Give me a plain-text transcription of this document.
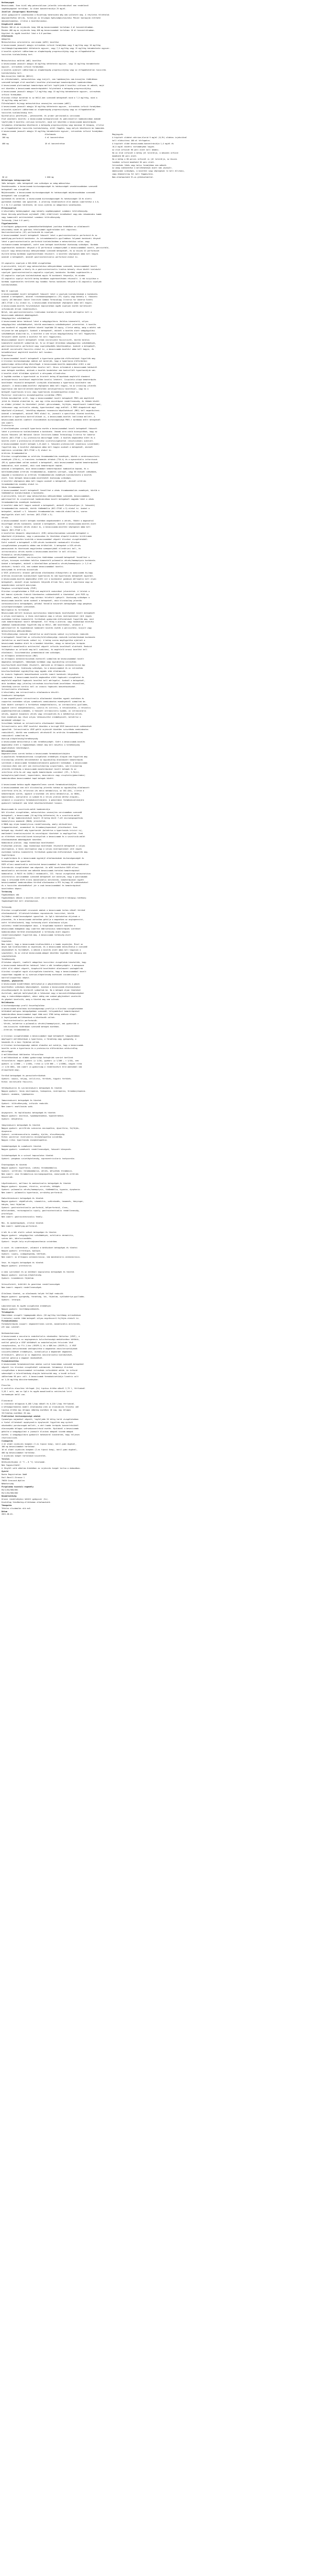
Hatóanyagok

Bevacizumab. Ezen kívül még potenciálisan jelentős interakcióval nem rendelkező

segédanyagokat tartalmaz. Az oldat koncentrációja 25 mg/ml.

Javallat (Sárgarúgasi Bizottság)

Jelen gyógyszerre vonatkozóan a Bizottság határozata még nem született meg. A részletes feltételek

megismeréséhez kérjük, forduljon az Országos Egészségbiztosítási Pénzár honlapján elérhető

dokumentumokhoz, illetve a kezelőorvoshoz.

Kiegészítő adatok

Minden 100 ml-es injekciós üveg 100 mg bevacizumabot tartalmaz 4 ml koncentrátumban.

Minden 400 mg-os injekciós üveg 400 mg bevacizumabot tartalmaz 16 ml koncentrátumban.

Hígítást és egyéb kezelést lásd a 6.6 pontban.

Alkalmazás

Adagolás

Metasztatikus colorectalis carcinoma (mCRC) kezelése

A bevacizumab javasolt adagja intravénás infúzió formájában vagy 5 mg/ttkg vagy 10 mg/ttkg

testtömegkilogrammonként kéthetente egyszer, vagy 7,5 mg/ttkg vagy 15 mg/ttkg háromhetente egyszer.

A kezelés ajánlott időtartama az alapbetegség progressziójáig vagy az elfogadhatatlan

toxicitás kialakulásáig tart.

Metasztatikus emlőrák (mBC) kezelése

A bevacizumab javasolt adagja 10 mg/ttkg kéthetente egyszer, vagy 15 mg/ttkg háromhetente

egyszer, intravénás infúzió formájában.

A kezelés ajánlott időtartama az alapbetegség progressziójáig vagy az elfogadhatatlan toxicitás

kialakulásáig tart.

Nem-kissejtes tüdőrák (NSCLC)

Az előrehaladott, metasztatikus vagy kiújult, nem laphámsejtes nem-kissejtes tüdőrákban

szenvedő betegek első vonalbeli kezelése platinaalapú kemoterápiával kombinációban.

A bevacizumab platinaalapú kemoterápia mellett legfeljebb 6 kezelési cikluson át adható, majd

ezt követően a bevacizumab monoterápiaként folytatható a betegség progressziójáig.

A bevacizumab javasolt adagja 7,5 mg/ttkg vagy 15 mg/ttkg háromhetente egyszer, intravénás

infúzió formájában.

Klinikai előnyt mutattak ki az NSCLC-ben szenvedő betegeknél mind a 7,5 mg/ttkg, mind a

15 mg/ttkg adag mellett.

Előrehaladott és/vagy metasztatikus vesesejtes carcinoma (mRCC)

A bevacizumab javasolt adagja 10 mg/ttkg kéthetente egyszer, intravénás infúzió formájában.

A kezelés ajánlott időtartama az alapbetegség progressziójáig vagy az elfogadhatatlan

toxicitás kialakulásáig tart.

Epithelialis petefészek-, petevezeték- és primer peritonealis carcinoma

Első vonalbeli kezelés: a bevacizumab karboplatinnal és paklitaxellel kombinációban adandó

legfeljebb 6 kezelési cikluson keresztül, majd ezt követően a bevacizumab monoterápiás

folyamatos alkalmazása következik a betegség progressziójáig vagy maximum 15 hónapig, illetve

az elfogadhatatlan toxicitás kialakulásáig, attól függően, hogy melyik következik be hamarabb.

A bevacizumab javasolt adagja 15 mg/ttkg háromhetente egyszer, intravénás infúzió formájában.

Adag	Alkalmazás	Megjegyzés
100 mg	4 ml koncentrátum	A hígított oldatot nátrium-klorid 9 mg/ml (0,9%) oldatos injekcióval
		kell elkészíteni 100 ml térfogatra.
400 mg	16 ml koncentrátum	A hígított oldat bevacizumab-koncentrációja 1,4 mg/ml és
		16,5 mg/ml közötti tartományban legyen.
		Az első infúziót 90 perc alatt kell beadni.
		Ha az első infúziót a beteg jól tolerálja, a második infúzió
		beadható 60 perc alatt.
		Ha a beteg a 60 perces infúziót is jól tolerálja, az összes
		további infúzió beadható 30 perc alatt.
		Intravénás lökés vagy bolus formájában nem adható.
		Az adag csökkentése a mellékhatások miatt nem javasolt.
		Amennyiben szükséges, a kezelést vagy véglegesen le kell állítani,
		vagy átmenetileg fel kell függeszteni.
30 ml	1 000 mg	Nem alkalmazható 5%-os glükózoldattal.
Különleges betegcsoportok

Idős betegek: idős betegeknél nem szükséges az adag módosítása.

Vesekárosodás: a bevacizumab biztonságosságát és hatásosságát vesekárosodásban szenvedő

betegeknél nem vizsgálták.

Májkárosodás: a bevacizumab biztonságosságát és hatásosságát májkárosodásban szenvedő

betegeknél nem vizsgálták.

Gyermekek és serdülők: a bevacizumab biztonságosságát és hatásosságát 18 év alatti

gyermekek esetében nem igazolták. A jelenleg rendelkezésre álló adatok ismertetése a 4.8,

5.1 és 5.2 pontban található, de nincs ajánlás az adagolásra vonatkozóan.

Ellenjavallat

A készítmény hatóanyagával vagy bármely segédanyagával szembeni túlérzékenység.

Kínai hörcsög petefészek sejtekből (CHO) előállított termékekkel vagy más rekombináns humán

vagy humanizált antitestekkel szembeni túlérzékenység.

Terhesség (lásd 4.6 pont).

Figyelmeztetés

A biológiai gyógyszerek nyomonkövethetőségének javítása érdekében az alkalmazott

készítmény nevét és gyártási tételszámát egyértelműen kell rögzíteni.

Gastrointestinalis (GI) perforációk és sipolyok

A bevacizumabbal kezelt betegeknél fokozott lehet a gastrointestinalis perforáció és az

epehólyag-perforáció kockázata. Az intraabdominalis gyulladásos folyamat kockázati tényező

lehet a gastrointestinalis perforáció kialakulásában a metasztatikus colon- vagy

rectumcarcinomás betegeknél, ezért ezen betegek kezelésekor óvatosság szükséges. Korábbi

sugárkezelés kockázati tényező a GI perforáció szempontjából a bevacizumabbal kezelt, perzisztáló,

kiújult vagy metasztatikus méhnyakrákban szenvedő betegeknél, és az összes GI perforációt

észlelő beteg korábban sugárkezelésben részesült. A kezelést véglegesen abba kell hagyni

azoknál a betegeknél, akiknél gastrointestinalis perforáció alakul ki.

GI-vaginalis sipolyok a GOG-0240 vizsgálatban

A perzisztáló, kiújult vagy metasztatikus méhnyakrákban szenvedő, bevacizumabbal kezelt

betegeknél nagyobb a hüvely és a gastrointestinalis traktus bármely része között kialakuló

sipolyok (gastrointestinalis-vaginalis sipolyok) kockázata. Korábbi sugárkezelés a

GI-vaginalis sipolyok kialakulásának egyik fő kockázati tényezője, és minden

GI-vaginalis sipolyt észlelő beteg korábban sugárkezelésben részesült. A rák kiújulása a

korábbi sugárkezelés területén egy további fontos kockázati tényező a GI-vaginalis sipolyok

kialakulásában.

Nem GI sipolyok

A bevacizumabbal kezelt betegeknél fokozott lehet a sipolyok kialakulásának a kockázata.

Azoknál a betegeknél, akiknél tracheooesophagealis (TE) sipoly vagy bármely 4. fokozatú

sipoly (US National Cancer Institute Common Terminology Criteria for Adverse Events

[NCI-CTCAE v.3]) alakul ki, a bevacizumab alkalmazását véglegesen abba kell hagyni.

A bevacizumab-kezelés folytatásával kapcsolatban egyéb sipolyok esetén korlátozott

információk állnak rendelkezésre.

Belső, nem gastrointestinalis traktusban kialakuló sipoly esetén mérlegelni kell a

bevacizumab adásának abbahagyását.

Sebgyógyulási szövődmények

A bevacizumab káros hatással lehet a sebgyógyulásra. Halálos kimenetelű, súlyos

sebgyógyulási szövődményeket, köztük anastomosis-szövődményeket jelentettek. A kezelés

nem kezdhető el nagyobb műtétet követő legalább 28 napig, illetve addig, amíg a műtéti seb

teljesen be nem gyógyult. Azoknál a betegeknél, akiknél a kezelés alatt sebgyógyulási

szövődmények alakultak ki, a kezelést a seb teljes begyógyulásáig fel kell függeszteni.

Tervezett műtét esetén a kezelést fel kell függeszteni.

Bevacizumabbal kezelt betegeknél ritkán necrotizáló fasciitisről, köztük halálos

kimenetelű esetekről számoltak be. Ez az állapot általában sebgyógyulási szövődmények,

gastrointestinalis perforáció vagy sipolyképződés következménye. Azoknál a betegeknél,

akiknél necrotizáló fasciitis alakul ki, a bevacizumab-kezelést abba kell hagyni, és

haladéktalanul megfelelő kezelést kell kezdeni.

Hypertonia

A bevacizumabbal kezelt betegeknél a hypertonia gyakoribb előfordulását figyelték meg.

A klinikai biztonságossági adatok azt mutatják, hogy a hypertonia előfordulási

gyakorisága valószínűleg dózisfüggő. A bevacizumab-kezelés megkezdése előtt a már

fennálló hypertoniát megfelelően kezelni kell. Nincs információ a bevacizumab hatásáról

azon betegek esetében, akiknek a kezelés kezdetekor nem kontrollált hypertoniájuk van.

A kezelés alatt általában ajánlott a vérnyomás ellenőrzése.

A legtöbb esetben a hypertoniát az érintett beteg állapotának megfelelő standard

antihipertenzív kezeléssel megfelelően kezelni lehetett. Ciszplatin-alapú kemoterápiás

kezelésben részesülő betegeknél vízhajtók alkalmazása a hypertonia kezelésére nem

javasolt. A bevacizumab-kezelést véglegesen abba kell hagyni, ha az orvosilag jelentős

hypertonia nem kontrollálható megfelelően antihipertenzív kezeléssel, vagy ha a

betegnél hypertoniás krízis vagy hypertoniás encephalopathia alakul ki.

Posterior reversibilis encephalopathia szindróma (PRES)

Ritkán beszámoltak arról, hogy a bevacizumabbal kezelt betegeknél PRES-nek megfelelő

jelek és tünetek alakultak ki, ami egy ritka neurológiai rendellenesség, és többek között

az alábbi jelekkel és tünetekkel járhat: görcsrohamok, fejfájás, megváltozott tudatállapot,

látászavar vagy corticalis vakság, hypertoniával vagy anélkül. A PRES diagnózisát agyi

képalkotó eljárással, lehetőleg mágneses rezonancia képalkotással (MRI) kell megerősíteni.

Azoknál a betegeknél, akiknél PRES alakul ki, javasolt a specifikus tünetek kezelése,

beleértve a hypertonia kontrollálását is, a bevacizumab-kezelés leállítása mellett. A

bevacizumab-kezelés ismételt elkezdésének biztonságossága PRES-t korábban átélt betegeknél

nem ismert.

Proteinuria

A kórelőzményben szereplő hypertonia esetén a bevacizumabbal kezelt betegeknél fokozott

lehet a proteinuria kialakulásának a kockázata. Vannak arra utaló bizonyítékok, hogy az

összes fokozatú (US National Cancer Institute-Common Terminology Criteria for Adverse

Events [NCI-CTCAE v.3]) proteinuria dózisfüggő lehet. A kezelés megkezdése előtt és a

kezelés alatt a proteinuria ellenőrzése vizeletvizsgálattal (tesztcsíkkal) ajánlott.

A bevacizumabbal kezelt betegek 1,4%-ánál 4. fokozatú proteinuriát (nephrosis szindrómát)

figyeltek meg. A kezelést véglegesen abba kell hagyni azoknál a betegeknél, akiknél

nephrosis szindróma (NCI-CTCAE v.3) alakul ki.

Artériás thromboembolia

Klinikai vizsgálatokban az artériás thromboemboliás események, köztük a cerebrovascularis

események (CVA-k), a tranziens ischaemiás attakok (TIA-k) és a myocardialis infarctusok

(MI-k) gyakoribbak voltak azoknál a betegeknél, akik bevacizumabot kaptak kemoterápiával

kombinálva, mint azoknál, akik csak kemoterápiát kaptak.

Azoknak a betegeknek, akik bevacizumabot kemoterápiával kombinálva kapnak, és a

kórelőzményükben artériás thromboembolia, diabetes szerepel, vagy 65 évesnél idősebbek,

nagyobb a kockázatuk az artériás thromboemboliás események kialakulására a kezelés

alatt. Ezen betegek bevacizumab-kezelésénél óvatosság szükséges.

A kezelést véglegesen abba kell hagyni azoknál a betegeknél, akiknél artériás

thromboemboliás esemény alakul ki.

Vénás thromboembolia

A bevacizumabbal kezelt betegeknél fennállhat a vénás thromboemboliás események, köztük a

tüdőembólia kialakulásának a kockázata.

A perzisztáló, kiújult vagy metasztatikus méhnyakrákban szenvedő, bevacizumabbal,

paklitaxellel és ciszplatinnal kombinációban kezelt betegeknél nagyobb lehet a vénás

thromboemboliás események kockázata.

A kezelést abba kell hagyni azoknál a betegeknél, akiknél életveszélyes (4. fokozatú)

thromboemboliás reakciók, köztük tüdőembólia (NCI-CTCAE v.3) alakul ki. Azokat a

betegeket, akiknél ≤ 3. fokozatú thromboemboliás reakciók alakultak ki, szoros

megfigyelés alatt kell tartani (NCI-CTCAE v.3).

Vérzés

A bevacizumabbal kezelt betegek esetében megnövekedett a vérzés, főként a daganattal

összefüggő vérzés kockázata. Azoknál a betegeknél, akiknél a bevacizumab-kezelés alatt

3. vagy 4. fokozatú vérzés alakul ki, a bevacizumab-kezelést véglegesen abba kell

hagyni (NCI-CTCAE v.3).

A kezeletlen központi idegrendszeri (KIR) metasztázisokban szenvedő betegeket a

képalkotó eljárásokon, vagy a panaszokon és tüneteken alapuló kizárási kritériumok

alapján rutinszerűen kizárták a bevacizumabbal végzett klinikai vizsgálatokból.

Ezért ezeknél a betegeknél a KIR-vérzés kockázatát randomizált klinikai

vizsgálatokban prospektív módon nem értékelték. A betegeket a KIR-vérzés

panaszainak és tüneteinek megjelenése szempontjából ellenőrizni kell, és

intracranialis vérzés esetén a bevacizumab-kezelést le kell állítani.

Pulmonalis vérzés/haemoptysis

Bevacizumabbal kezelt, nem-kissejtes tüdőrákban szenvedő betegeknél fennállhat a

súlyos, bizonyos esetekben halálos kimenetelű pulmonalis vérzés/haemoptysis kockázata.

Azokat a betegeket, akiknél a közelmúltban pulmonalis vérzés/haemoptysis (> 2,5 ml

vörösvér) fordult elő, nem szabad bevacizumabbal kezelni.

Aneurysmák és artériás dissectiók

A VEGF-jelátviteli útvonal gátlóinak alkalmazása elősegítheti az aneurysmák és/vagy

artériás dissectiók kialakulását hypertoniás és nem hypertoniás betegeknél egyaránt.

A bevacizumab-kezelés megkezdése előtt ezt a kockázatot gondosan mérlegelni kell olyan

betegeknél, akiknél olyan kockázati tényezők állnak fenn, mint a hypertonia vagy az

anamnézisben szereplő aneurysma.

Pangásos szívelégtelenség (PSZE)

Klinikai vizsgálatokban a PSZE-nek megfelelő reakciókat jelentettek. A leletek a

bal kamrai ejekciós frakció tünetmentes csökkenésétől a tünetekkel járó PSZE-ig

terjedtek, amely kezelést vagy kórházi felvételt igényelt. Óvatosság szükséges a

bevacizumab-kezelés során azoknál a betegeknél, akik klinikailag jelentős

cardiovascularis betegségben, például fennálló koszorúér-betegségben vagy pangásos

szívelégtelenségben szenvednek.

Neutropenia és fertőzések

Bevacizumab mellett bizonyos myelotoxikus kemoterápiás kezelésekkel kezelt betegeknél

a súlyos neutropenia, a lázas neutropenia vagy a súlyos neutropeniával járó (egyes

esetekben halálos kimenetelű) fertőzések gyakoribb előfordulását figyelték meg, mint

csak kemoterápiával kezelt betegeknél. Ezt főleg a platina- vagy taxánalapú kezelési

sémákkal kombinációban figyelték meg az NSCLC, mBC kezelésekor, valamint a

paklitaxellel és topotekánnal kombinált kezelés esetén a perzisztáló, kiújult vagy

metasztatikus méhnyakrákban.

Túlérzékenységi reakciók (beleértve az anafilaxiás sokkot is)/infúziós reakciók

A betegeknél fennállhat az infúziós/túlérzékenységi reakciók kialakulásának kockázata

(beleértve az anafilaxiás sokkot is). A beteg szoros megfigyelése ajánlott a

bevacizumab beadása alatt és a beadást követően, ahogy ez bármilyen terápiás

humanizált monoklonális antitesttel végzett infúziós kezelésnél elvárható. Reakció

fellépésekor az infúziót meg kell szakítani, és megfelelő orvosi kezelést kell

alkalmazni. Szisztematikus premedikáció nem szükséges.

Az állkapocs osteonecrosisa (ONJ)

Az állkapocs osteonecrosisának eseteiről számoltak be bevacizumabbal kezelt

daganatos betegeknél, többségük korábban vagy egyidejűleg intravénás

biszfoszfonát-kezelésben részesült, amelynek az állkapocs osteonecrosisa egy

ismert kockázata. Óvatosság szükséges, ha a bevacizumabot és az intravénás

biszfoszfonátokat egyidejűleg vagy egymás után alkalmazzák.

Az invazív fogászati beavatkozások szintén ismert kockázati tényezőnek

számítanak. A bevacizumab-kezelés megkezdése előtt fogászati vizsgálatot és

megfelelő megelőző fogászati kezelést kell mérlegelni. Azoknál a betegeknél,

akik korábban vagy jelenleg intravénás biszfoszfonát-kezelésben részesülnek,

lehetőség szerint kerülni kell az invazív fogászati beavatkozásokat.

Intravitrealis alkalmazás

A készítmény nem intravitrealis alkalmazásra készült.

Szemészeti betegségek

A nem engedélyezett intravitrealis alkalmazást követően egyedi esetekben és

csoportos esetekben súlyos szemészeti nemkívánatos eseményekről számoltak be.

Ezek között szerepelt a fertőzéses endophthalmitis, az intraocularis gyulladás,

úgymint steril endophthalmitis, uveitis és vitritis, a retinaleválás, a retinalis

pigmentepithelium-szakadás, a fokozott intraocularis nyomás, az intraocularis

vérzés, úgymint üvegtesti vérzés vagy retinavérzés és a kötőhártya-vérzés.

Ezen események egy része súlyos látásvesztést eredményezett, beleértve a

maradandó vakságot is.

Szisztémás hatások az intravitrealis alkalmazást követően

Intravitrealis anti-VEGF kezelést követően a keringő VEGF-koncentráció csökkenését

igazolták. Intravitrealis VEGF-gátló injekciót követően szisztémás nemkívánatos

reakciókról, köztük nem szemészeti vérzésekről és artériás thromboemboliás

reakciókról számoltak be.

Ovarium-elégtelenség/termékenység

A bevacizumab károsíthatja a nők termékenységét. Ezért a bevacizumab-kezelés

megkezdése előtt a fogamzóképes nőkkel meg kell beszélni a termékenység

megőrzésének lehetőségeit.

Kölcsönhatás

Daganatellenes szerek hatása a bevacizumab farmakokinetikájára

A populációs farmakokinetikai vizsgálatok eredményei alapján nem figyeltek meg

klinikailag jelentős kölcsönhatást az egyidejűleg alkalmazott kemoterápiás

szereknek a bevacizumab farmakokinetikájára gyakorolt hatásában. A bevacizumab

clearance-ében nem volt sem statisztikailag szignifikáns, sem klinikailag

jelentős különbség a bevacizumab monoterápiával kezelt betegek és az

interferon alfa-2a-val vagy egyéb kemoterápiás szerekkel (IFL, 5-FU/LV,

karboplatin/paklitaxel, kapecitabin, doxorubicin vagy ciszplatin/gemcitabin)

kombinációban bevacizumabot kapó betegek között.

A bevacizumab hatása egyéb daganatellenes szerek farmakokinetikájára

A bevacizumabnak nem volt klinikailag jelentős hatása az egyidejűleg alkalmazott

interferon alfa-2a, erlotinib (és aktív metabolitja, az OSI-420), illetve a

kemoterápiás szerek, úgymint irinotekán (és aktív metabolitja, az SN38),

kapecitabin, oxaliplatin (a szabad és a teljes platina mérése alapján),

valamint a ciszplatin farmakokinetikájára. A gemcitabin farmakokinetikájára

gyakorolt hatásáról nem lehet következtetéseket levonni.

Bevacizumab és szunitinib-malát kombinációja

Két klinikai vizsgálatban, metasztatikus vesesejtes carcinomában szenvedő

betegeknél, a bevacizumab (10 mg/ttkg kéthetente) és a szunitinib-malát

(napi 50 mg) kombinációjával kezelt 19 beteg közül 7-nél microangiopathiás

haemolyticus anaemiát (MAHA) jelentettek.

A MAHA egy olyan haemolyticus rendellenesség, amely vörösvértest-

fragmentációval, anaemiával és thrombocytopeniával jelentkezhet. Ezen

betegek egy részénél még hypertoniát (beleértve a hypertoniás krízist is),

emelkedett kreatininszintet és neurológiai tüneteket is megfigyeltek. Ezek

az eltérések reverzibilisnek bizonyultak a bevacizumab és a szunitinib-malát

alkalmazásának abbahagyását követően.

Kombináció platina- vagy taxánalapú kezelésekkel

Elsősorban platina- vagy taxánalapú kezelésben részesülő betegeknél a súlyos

neutropenia, a lázas neutropenia vagy a súlyos neutropeniával járó (egyes

esetekben halálos kimenetelű) fertőzések gyakoribb előfordulását figyelték meg.

Sugárterápia

A sugárterápia és a bevacizumab egyidejű alkalmazásának biztonságosságát és

hatásosságát nem igazolták.

EGFR elleni monoklonális antitestek bevacizumabbal és kemoterápiával kombinálva

Interakciós vizsgálatokat nem végeztek. Az mCRC kezelésére EGFR elleni

monoklonális antitestek nem adhatók bevacizumab-tartalmú kemoterápiával

kombinálva. A PACCE és CAIRO-2 randomizált, III. fázisú vizsgálatok metasztatikus

colorectalis carcinomában szenvedő betegeknél azt mutatják, hogy a panitumumab

vagy a cetuximab EGFR elleni monoklonális antitestek, kemoterápiával együtt

bevacizumabbal kombinációban történő alkalmazása a PFS és/vagy OS csökkenésével

és a toxicitás növekedésével jár a csak bevacizumabbal és kemoterápiával

kezeltekhez képest.

Terhesség

Fogamzóképes nők

Fogamzóképes nőknek a kezelés alatt (és a kezelést követő 6 hónapig) hatékony

fogamzásgátlást kell alkalmazniuk.

Terhesség

Klinikai vizsgálatokból nincsenek adatok a bevacizumab terhes nőknél történő

alkalmazásáról. Állatkísérletekben reprodukciós toxicitást, köztük

fejlődési rendellenességeket igazoltak. Az IgG-k köztudottan átjutnak a

placentán, és a bevacizumab várhatóan gátolja a magzatban az angiogenezist,

ezért feltételezhető, hogy terhesség alatt alkalmazva súlyos

születési rendellenességeket okoz. A forgalomba hozatalt követően a

bevacizumab önmagában vagy ismerten embriotoxikus kemoterápiás szerekkel

kombinációban történő alkalmazásánál a terhesség alatt magzati

rendellenességeket figyeltek meg. A bevacizumab terhesség alatt

ellenjavallt.

Szoptatás

Nem ismert, hogy a bevacizumab kiválasztódik-e a humán anyatejbe. Mivel az

anyai IgG kiválasztódik az anyatejbe, és a bevacizumab károsíthatja a csecsemő

növekedését és fejlődését, a nőknek a kezelés alatt abba kell hagyniuk a

szoptatást, és az utolsó bevacizumab-adagot követően legalább hat hónapig nem

szoptathatnak.

Termékenység

Állatokon végzett, ismételt adagolású toxicitási vizsgálatok kimutatták, hogy

a bevacizumab kedvezőtlen hatással lehet a nők termékenységére. A menopauza

előtt álló nőkkel végzett, kiegészítő kezelésként alkalmazott vastagbélrák

klinikai vizsgálat egyik alvizsgálata kimutatta, hogy a bevacizumabbal kezelt

csoportban nagyobb az új ovarium-elégtelenség eseteinek incidenciája a

kontrollcsoporthoz képest.

Vezetés, gépkezelés

A bevacizumab kismértékben befolyásolja a gépjárművezetéshez és a gépek

kezeléséhez szükséges képességeket. Azonban a bevacizumab alkalmazásakor

aluszékonyságról és ájulásról számoltak be. Ha a betegek olyan tüneteket

észlelnek, amelyek befolyásolják a látásukat vagy a koncentrálóképességüket

vagy a reakcióképességüket, akkor addig nem szabad gépjárművet vezetniük

és gépeket kezelniük, amíg a tünetek meg nem szűnnek.

Mellékhatás

A biztonságossági profil összefoglalása

A bevacizumab általános biztonságossági profilja a klinikai vizsgálatokban

különböző malignus betegségekben szenvedő, túlnyomórészt kemoterápiával

kombinációban bevacizumabot kapó több mint 5700 beteg adatain alapul.

A legsúlyosabb mellékhatások a következők voltak:

- Gastrointestinalis perforációk.

- Vérzés, beleértve a pulmonalis vérzést/haemoptysist, ami gyakoribb a

nem-kissejtes tüdőrákban szenvedő betegek esetében.

- Artériás thromboembolia.

A klinikai vizsgálatokban a bevacizumabot kapó betegeknél leggyakrabban

megfigyelt mellékhatások a hypertonia, a fáradtság vagy gyengeség, a

hasmenés és a hasi fájdalom voltak.

A klinikai biztonságossági adatok elemzése azt mutatja, hogy a bevacizumab-

kezelés során a hypertonia és a proteinuria előfordulása valószínűleg

dózisfüggő.

A mellékhatások táblázatos felsorolása

A mellékhatások az alábbi gyakorisági kategóriák szerint kerülnek

felsorolásra: nagyon gyakori (≥ 1/10), gyakori (≥ 1/100 – < 1/10), nem

gyakori (≥ 1/1000 – < 1/100), ritka (≥ 1/10 000 – < 1/1000), nagyon ritka

(< 1/10 000), nem ismert (a gyakoriság a rendelkezésre álló adatokból nem

állapítható meg).

Fertőző betegségek és parazitafertőzések

Gyakori: sepsis, tályog, cellulitis, fertőzés, húgyúti fertőzés.

Ritka: necrotizáló fasciitis.

Vérképzőszervi és nyirokrendszeri betegségek és tünetek

Nagyon gyakori: lázas neutropenia, leukopenia, neutropenia, thrombocytopenia.

Gyakori: anaemia, lymphopenia.

Immunrendszeri betegségek és tünetek

Gyakori: túlérzékenység, infúziós reakciók.

Nem ismert: anafilaxiás sokk.

Anyagcsere- és táplálkozási betegségek és tünetek

Nagyon gyakori: anorexia, hypomagnesaemia, hyponatraemia.

Gyakori: dehydratio.

Idegrendszeri betegségek és tünetek

Nagyon gyakori: perifériás szenzoros neuropathia, dysarthria, fejfájás,

dysgeusia.

Gyakori: cerebrovascularis esemény, ájulás, aluszékonyság.

Ritka: posterior reversibilis encephalopathia szindróma.

Nagyon ritka: hypertoniás encephalopathia.

Szembetegségek és szemészeti tünetek

Nagyon gyakori: szemészeti rendellenességek, fokozott könnyezés.

Szívbetegségek és a szívvel kapcsolatos tünetek

Gyakori: pangásos szívelégtelenség, supraventricularis tachycardia.

Érbetegségek és tünetek

Nagyon gyakori: hypertonia, (vénás) thromboembolia.

Gyakori: (artériás) thromboembolia, vérzés, mélyvénás thrombosis.

Nem ismert: vese thromboticus microangiopathia, aneurysmák és artériás

dissectiók.

Légzőrendszeri, mellkasi és mediastinalis betegségek és tünetek

Nagyon gyakori: dyspnoe, rhinitis, orrvérzés, köhögés.

Gyakori: pulmonalis vérzés/haemoptysis, tüdőembólia, hypoxia, dysphonia.

Nem ismert: pulmonalis hypertonia, orrsövény-perforáció.

Emésztőrendszeri betegségek és tünetek

Nagyon gyakori: végbélvérzés, stomatitis, székrekedés, hasmenés, hányinger,

hányás, hasi fájdalom.

Gyakori: gastrointestinalis perforáció, bélperforáció, ileus,

bélelzáródás, rectovaginalis sipoly, gastrointestinalis rendellenesség,

proctalgia.

Nem ismert: gastrointestinalis fekély.

Máj- és epebetegségek, illetve tünetek

Nem ismert: epehólyag-perforáció.

A bőr és a bőr alatti szövet betegségei és tünetei

Nagyon gyakori: sebgyógyulási szövődmények, exfoliativ dermatitis,

száraz bőr, bőrelszíneződés.

Gyakori: tenyér-talp erythrodysaesthesia szindróma.

A csont- és izomrendszer, valamint a kötőszövet betegségei és tünetei

Nagyon gyakori: arthralgia, myalgia.

Gyakori: sipoly, izomgyengeség, hátfájás.

Nem ismert: az állkapocs osteonecrosisa, nem mandibularis osteonecrosis.

Vese- és húgyúti betegségek és tünetek

Nagyon gyakori: proteinuria.

A nemi szervekkel és az emlőkkel kapcsolatos betegségek és tünetek

Nagyon gyakori: ovarium-elégtelenség.

Gyakori: kismedencei fájdalom.

Veleszületett, öröklött és genetikai rendellenességek

Nem ismert: magzati rendellenességek.

Általános tünetek, az alkalmazás helyén fellépő reakciók

Nagyon gyakori: gyengeség, fáradtság, láz, fájdalom, nyálkahártya-gyulladás.

Gyakori: letargia.

Laboratóriumi és egyéb vizsgálatok eredményei

Nagyon gyakori: testtömegcsökkenés.

Túladagolás

Emberekben vizsgált legmagasabb dózis (20 mg/ttkg testtömeg intravénásan

2 hetente) esetén több betegnél súlyos migrénszerű fejfájás alakult ki.

Farmakodinámia

Farmakoterápiás csoport: daganatellenes szerek, monoklonális antitestek,

ATC kód: L01XC07.

Hatásmechanizmus

A bevacizumab a vascularis endothelialis növekedési faktorhoz (VEGF), a

vasculogenesis és az angiogenesis kulcsfontosságú mediátorához kötődik,

ezáltal gátolja a VEGF kötődését az endothelsejtek felszínén lévő

receptoraihoz, az Flt-1-hez (VEGFR-1) és a KDR-hez (VEGFR-2). A VEGF

biológiai aktivitásának semlegesítése a daganatok vascularisatiójának

visszafejlődését eredményezi, normalizálja a megmaradt daganatos

érrendszert, gátolja az új daganatos vascularisatio kialakulását,

ezáltal gátolja a daganat növekedését.

Farmakokinetika

A bevacizumab farmakokinetikai adatai szolid tumorokban szenvedő betegekkel

végzett tíz klinikai vizsgálatból származnak. Valamennyi klinikai

vizsgálatban a bevacizumabot intravénás infúzióként adták. Az infúzió

sebességét a tolerálhatóság alapján határozták meg, a kezdő infúzió

időtartama 90 perc volt. A bevacizumab farmakokinetikája lineáris volt

az 1–10 mg/ttkg dózistartományban.

Eloszlás

A centrális eloszlási térfogat (Vc) tipikus értéke nőknél 2,73 l, férfiaknál

3,28 l volt, ami az IgG-k és egyéb monoklonális antitestek leírt

tartományán belül van.

Elimináció

A clearance átlagosan 0,188 l/nap nőknél és 0,220 l/nap férfiaknál.

A kétkompartmentes modell alkalmazása után az eliminációs felezési idő

tipikus értéke egy átlagos nőbeteg esetében 18 nap, egy átlagos

férfibeteg esetében 20 nap.

Preklinikai biztonságossági adatok

Cynomolgus majmokkal végzett, legfeljebb 26 hétig tartó vizsgálatokban

a fiatal állatoknál epiphysealis dysplasiát figyeltek meg nyitott

növekedési porckorongok mellett, a várt humán terápiás koncentrációnál

alacsonyabb átlagos szérumkoncentráció esetén. Nyulaknál a bevacizumab

gátolta a sebgyógyulást a javasolt klinikai adagnál kisebb adagok

esetén. A sebgyógyulásra gyakorolt hatásokról kimutatták, hogy teljesen

reverzibilisek.

Csomagolás

4 ml oldat injekciós üvegben (I-es típusú üveg), butil-gumi dugóval,

100 mg bevacizumabot tartalmaz.

16 ml oldat injekciós üvegben (I-es típusú üveg), butil-gumi dugóval,

400 mg bevacizumabot tartalmaz.

1 injekciós üveget tartalmazó kiszerelés.

Tárolás

Hűtőszekrényben (2 °C – 8 °C) tárolandó.

Nem fagyasztható!

A fénytől való védelem érdekében az injekciós üveget tartsa a dobozában.

Gyártó

Roche Registration GmbH

Emil-Barell-Strasse 1

79639 Grenzach-Wyhlen

Németország

Forgalomba hozatali engedély

EU/1/04/300/001

EU/1/04/300/002

Rendelhetőség

Orvosi rendelvényhez kötött gyógyszer (Sz).

Kizárólag fekvőbeteg-ellátásban alkalmazható.

Támogatás

Tételes elszámolás alá eső.

Dátum

2021.06.01.
